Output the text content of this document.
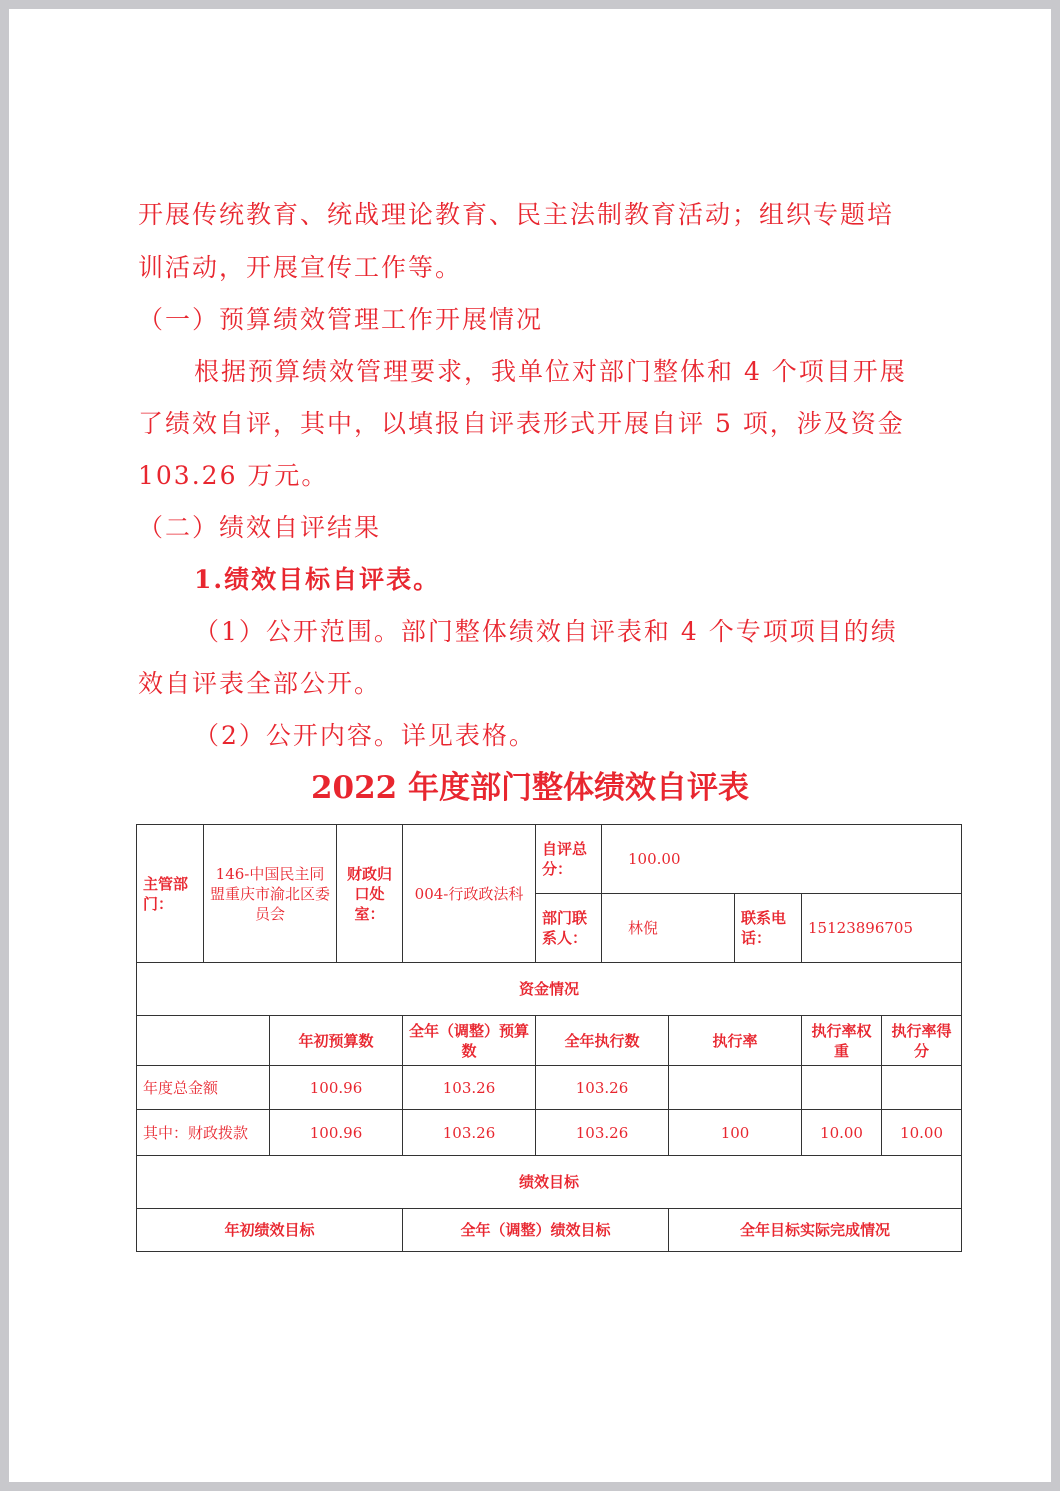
开展传统教育、统战理论教育、民主法制教育活动；组织专题培

训活动，开展宣传工作等。

（一）预算绩效管理工作开展情况

根据预算绩效管理要求，我单位对部门整体和 4 个项目开展

了绩效自评，其中，以填报自评表形式开展自评 5 项，涉及资金

103.26 万元。

（二）绩效自评结果

1.绩效目标自评表。

（1）公开范围。部门整体绩效自评表和 4 个专项项目的绩

效自评表全部公开。

（2）公开内容。详见表格。

2022 年度部门整体绩效自评表
主管部门：	146-中国民主同盟重庆市渝北区委员会		财政归口处室：	004-行政政法科	自评总分：	100.00				
					部门联系人：	林倪		联系电话：	15123896705	
资金情况										
		年初预算数		全年（调整）预算数	全年执行数		执行率		执行率权重	执行率得分
年度总金额		100.96		103.26	103.26					
其中：财政拨款		100.96		103.26	103.26		100		10.00	10.00
绩效目标										
年初绩效目标				全年（调整）绩效目标			全年目标实际完成情况			
